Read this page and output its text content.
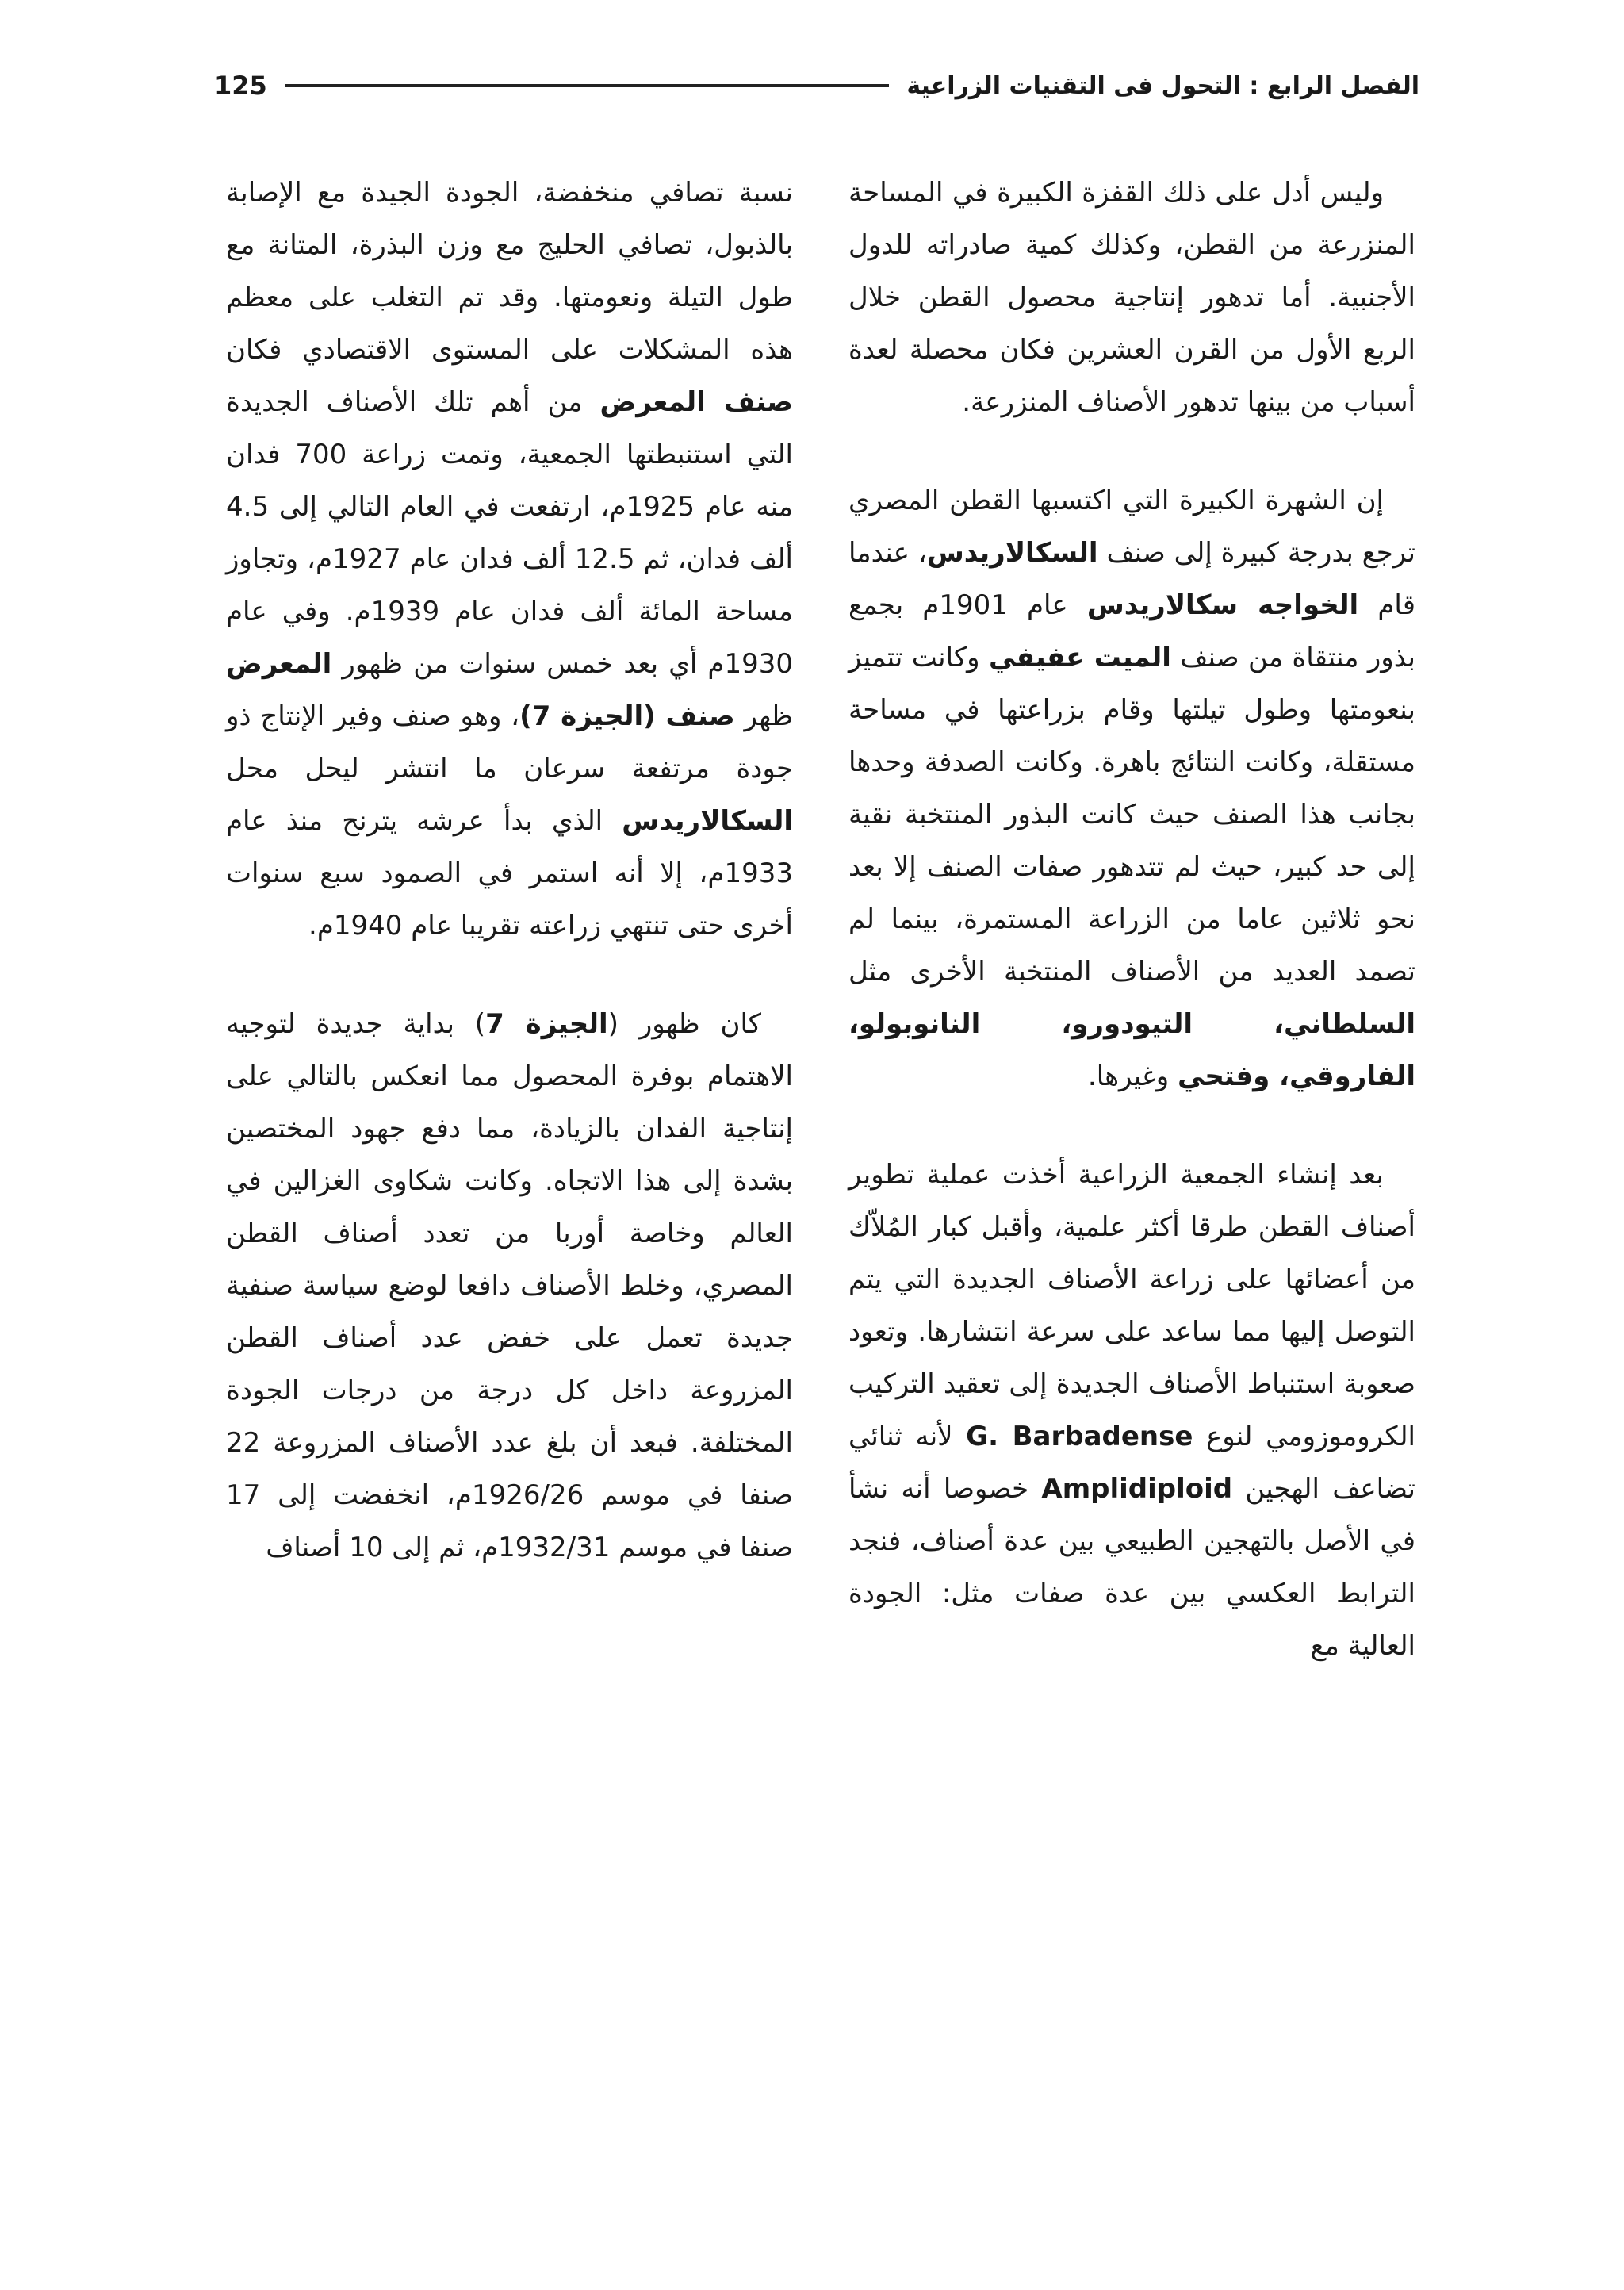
الفصل الرابع : التحول فى التقنيات الزراعية
125

وليس أدل على ذلك القفزة الكبيرة في المساحة المنزرعة من القطن، وكذلك كمية صادراته للدول الأجنبية. أما تدهور إنتاجية محصول القطن خلال الربع الأول من القرن العشرين فكان محصلة لعدة أسباب من بينها تدهور الأصناف المنزرعة.

إن الشهرة الكبيرة التي اكتسبها القطن المصري ترجع بدرجة كبيرة إلى صنف السكالاريدس، عندما قام الخواجه سكالاريدس عام 1901م بجمع بذور منتقاة من صنف الميت عفيفي وكانت تتميز بنعومتها وطول تيلتها وقام بزراعتها في مساحة مستقلة، وكانت النتائج باهرة. وكانت الصدفة وحدها بجانب هذا الصنف حيث كانت البذور المنتخبة نقية إلى حد كبير، حيث لم تتدهور صفات الصنف إلا بعد نحو ثلاثين عاما من الزراعة المستمرة، بينما لم تصمد العديد من الأصناف المنتخبة الأخرى مثل السلطاني، التيودورو، النانوبولو، الفاروقي، وفتحي وغيرها.

بعد إنشاء الجمعية الزراعية أخذت عملية تطوير أصناف القطن طرقا أكثر علمية، وأقبل كبار المُلاّك من أعضائها على زراعة الأصناف الجديدة التي يتم التوصل إليها مما ساعد على سرعة انتشارها. وتعود صعوبة استنباط الأصناف الجديدة إلى تعقيد التركيب الكروموزومي لنوع G. Barbadense لأنه ثنائي تضاعف الهجين Amplidiploid خصوصا أنه نشأ في الأصل بالتهجين الطبيعي بين عدة أصناف، فنجد الترابط العكسي بين عدة صفات مثل: الجودة العالية مع

نسبة تصافي منخفضة، الجودة الجيدة مع الإصابة بالذبول، تصافي الحليج مع وزن البذرة، المتانة مع طول التيلة ونعومتها. وقد تم التغلب على معظم هذه المشكلات على المستوى الاقتصادي فكان صنف المعرض من أهم تلك الأصناف الجديدة التي استنبطتها الجمعية، وتمت زراعة 700 فدان منه عام 1925م، ارتفعت في العام التالي إلى 4.5 ألف فدان، ثم 12.5 ألف فدان عام 1927م، وتجاوز مساحة المائة ألف فدان عام 1939م. وفي عام 1930م أي بعد خمس سنوات من ظهور المعرض ظهر صنف (الجيزة 7)، وهو صنف وفير الإنتاج ذو جودة مرتفعة سرعان ما انتشر ليحل محل السكالاريدس الذي بدأ عرشه يترنح منذ عام 1933م، إلا أنه استمر في الصمود سبع سنوات أخرى حتى تنتهي زراعته تقريبا عام 1940م.

كان ظهور (الجيزة 7) بداية جديدة لتوجيه الاهتمام بوفرة المحصول مما انعكس بالتالي على إنتاجية الفدان بالزيادة، مما دفع جهود المختصين بشدة إلى هذا الاتجاه. وكانت شكاوى الغزالين في العالم وخاصة أوربا من تعدد أصناف القطن المصري، وخلط الأصناف دافعا لوضع سياسة صنفية جديدة تعمل على خفض عدد أصناف القطن المزروعة داخل كل درجة من درجات الجودة المختلفة. فبعد أن بلغ عدد الأصناف المزروعة 22 صنفا في موسم 1926/26م، انخفضت إلى 17 صنفا في موسم 1932/31م، ثم إلى 10 أصناف
